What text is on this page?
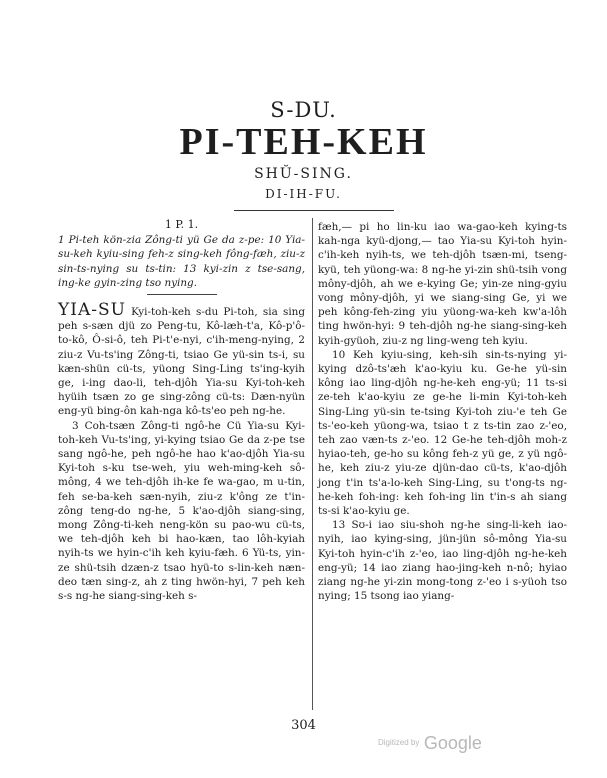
S-DU.
PI-TEH-KEH
SHŬ-SING.
DI-IH-FU.

1 P. 1.

1 Pi-teh kön-zia Zông-ti yü Ge da z-pe: 10 Yia-su-keh kyiu-sing feh-z sing-keh fông-fæh, ziu-z sin-ts-nying su ts-tin: 13 kyi-zin z tse-sang, ing-ke gyin-zing tso nying.

YIA-SU Kyi-toh-keh s-du Pi-toh, sia sing peh s-sæn djü zo Peng-tu, Kô-læh-t'a, Kô-p'ô-to-kô, Ô-si-ô, teh Pi-t'e-nyi, c'ih-meng-nying, 2 ziu-z Vu-ts'ing Zông-ti, tsiao Ge yü-sin ts-i, su kæn-shün cü-ts, yüong Sing-Ling ts'ing-kyih ge, i-ing dao-li, teh-djôh Yia-su Kyi-toh-keh hyüih tsæn zo ge sing-zông cü-ts: Dæn-nyün eng-yü bing-ôn kah-nga kô-ts'eo peh ng-he.

3 Coh-tsæn Zông-ti ngô-he Cü Yia-su Kyi-toh-keh Vu-ts'ing, yi-kying tsiao Ge da z-pe tse sang ngô-he, peh ngô-he hao k'ao-djôh Yia-su Kyi-toh s-ku tse-weh, yiu weh-ming-keh sô-mông, 4 we teh-djôh ih-ke fe wa-gao, m u-tin, feh se-ba-keh sæn-nyih, ziu-z k'ông ze t'in-zông teng-do ng-he, 5 k'ao-djôh siang-sing, mong Zông-ti-keh neng-kön su pao-wu cü-ts, we teh-djôh keh bi hao-kæn, tao lôh-kyiah nyih-ts we hyin-c'ih keh kyiu-fæh. 6 Yü-ts, yin-ze shü-tsih dzæn-z tsao hyü-to s-lin-keh næn-deo tæn sing-z, ah z ting hwön-hyi, 7 peh keh s-s ng-he siang-sing-keh s-

fæh,— pi ho lin-ku iao wa-gao-keh kying-ts kah-nga kyü-djong,— tao Yia-su Kyi-toh hyin-c'ih-keh nyih-ts, we teh-djôh tsæn-mi, tseng-kyü, teh yüong-wa: 8 ng-he yi-zin shü-tsih vong môny-djôh, ah we e-kying Ge; yin-ze ning-gyiu vong môny-djôh, yi we siang-sing Ge, yi we peh kông-feh-zing yiu yüong-wa-keh kw'a-lôh ting hwön-hyi: 9 teh-djôh ng-he siang-sing-keh kyih-gyüoh, ziu-z ng ling-weng teh kyiu.

10 Keh kyiu-sing, keh-sih sin-ts-nying yi-kying dzô-ts'æh k'ao-kyiu ku. Ge-he yü-sin kông iao ling-djôh ng-he-keh eng-yü; 11 ts-si ze-teh k'ao-kyiu ze ge-he li-min Kyi-toh-keh Sing-Ling yü-sin te-tsing Kyi-toh ziu-'e teh Ge ts-'eo-keh yüong-wa, tsiao t z ts-tin zao z-'eo, teh zao væn-ts z-'eo. 12 Ge-he teh-djôh moh-z hyiao-teh, ge-ho su kông feh-z yü ge, z yü ngô-he, keh ziu-z yiu-ze djün-dao cü-ts, k'ao-djôh jong t'in ts'a-lo-keh Sing-Ling, su t'ong-ts ng-he-keh foh-ing: keh foh-ing lin t'in-s ah siang ts-si k'ao-kyiu ge.

13 Sʊ-i iao siu-shoh ng-he sing-li-keh iao-nyih, iao kying-sing, jün-jün sô-mông Yia-su Kyi-toh hyin-c'ih z-'eo, iao ling-djôh ng-he-keh eng-yü; 14 iao ziang hao-jing-keh n-nô; hyiao ziang ng-he yi-zin mong-tong z-'eo i s-yüoh tso nying; 15 tsong iao yiang-

304
$^{Digitized by}$ Google
